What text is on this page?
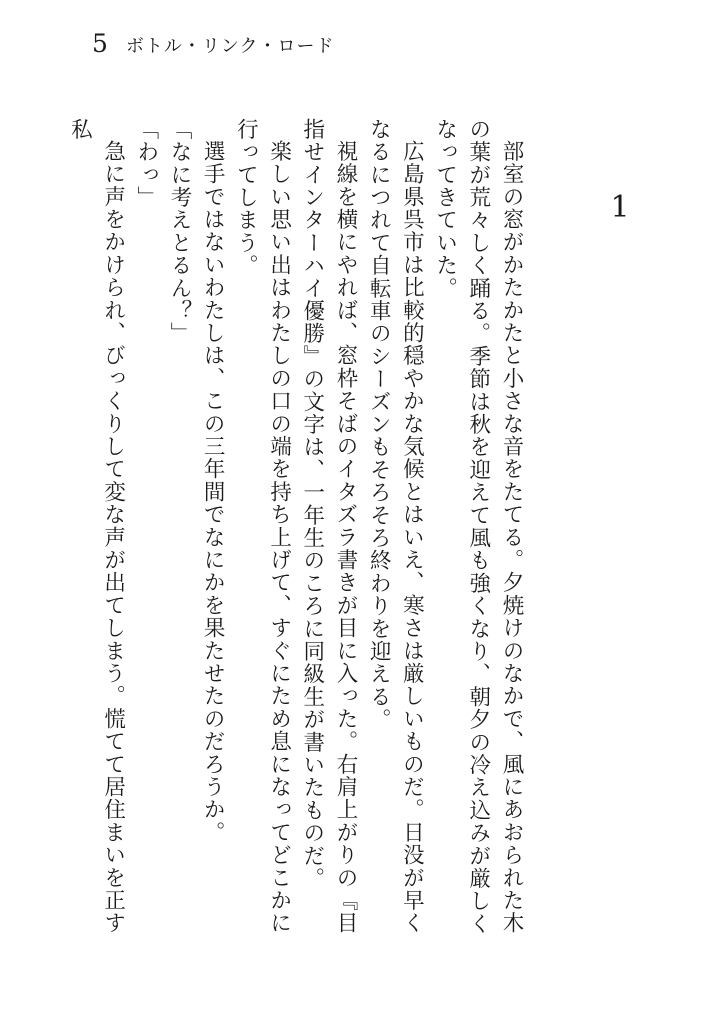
5 ボトル・リンク・ロード
1

部室の窓がかたかたと小さな音をたてる。夕焼けのなかで、風にあおられた木の葉が荒々しく踊る。季節は秋を迎えて風も強くなり、朝夕の冷え込みが厳しくなってきていた。

広島県呉市は比較的穏やかな気候とはいえ、寒さは厳しいものだ。日没が早くなるにつれて自転車のシーズンもそろそろ終わりを迎える。

視線を横にやれば、窓枠そばのイタズラ書きが目に入った。右肩上がりの『目指せインターハイ優勝』の文字は、一年生のころに同級生が書いたものだ。

楽しい思い出はわたしの口の端を持ち上げて、すぐにため息になってどこかに行ってしまう。

選手ではないわたしは、この三年間でなにかを果たせたのだろうか。

「なに考えとるん？」

「わっ」

急に声をかけられ、びっくりして変な声が出てしまう。慌てて居住まいを正す私
